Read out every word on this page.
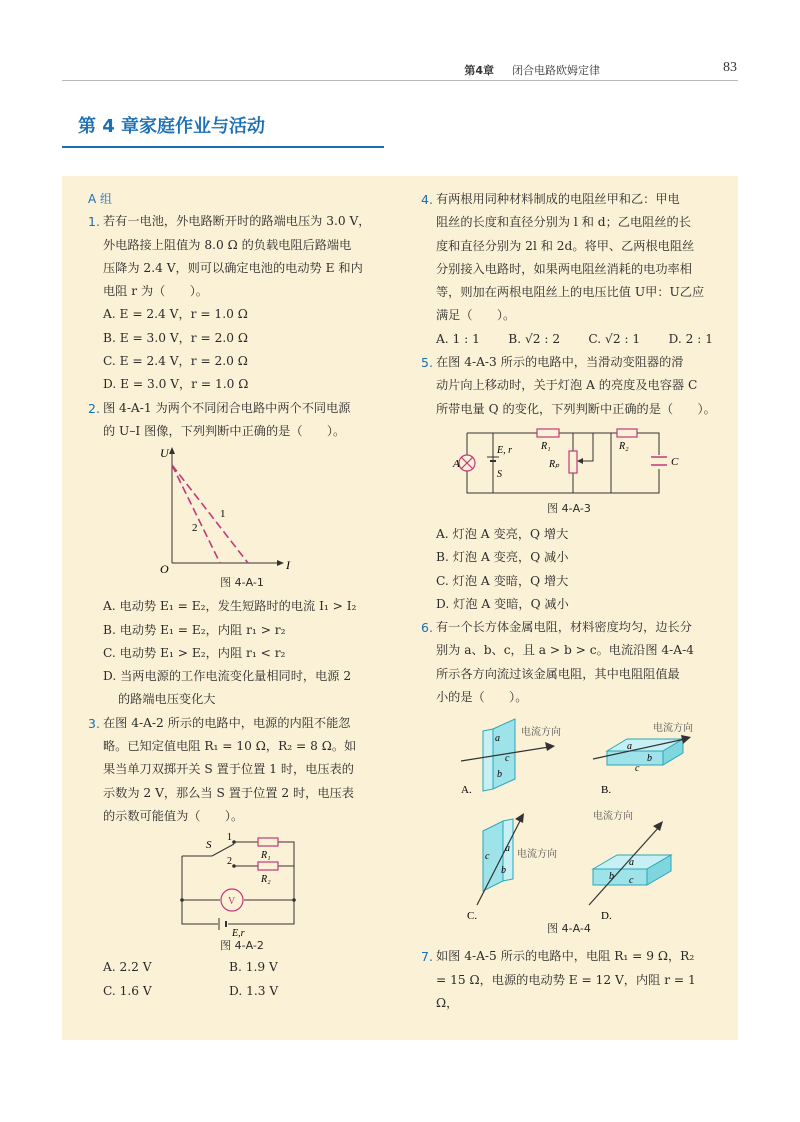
第4章 　 闭合电路欧姆定律	83
第 4 章家庭作业与活动
A 组
1. 若有一电池，外电路断开时的路端电压为 3.0 V，
外电路接上阻值为 8.0 Ω 的负载电阻后路端电
压降为 2.4 V，则可以确定电池的电动势 E 和内
电阻 r 为（　　）。
A. E = 2.4 V，r = 1.0 Ω
B. E = 3.0 V，r = 2.0 Ω
C. E = 2.4 V，r = 2.0 Ω
D. E = 3.0 V，r = 1.0 Ω
2. 图 4-A-1 为两个不同闭合电路中两个不同电源
的 U–I 图像，下列判断中正确的是（　　）。
U
I
O
1
2
图 4-A-1
A. 电动势 E₁ = E₂，发生短路时的电流 I₁ > I₂
B. 电动势 E₁ = E₂，内阻 r₁ > r₂
C. 电动势 E₁ > E₂，内阻 r₁ < r₂
D. 当两电源的工作电流变化量相同时，电源 2
的路端电压变化大
3. 在图 4-A-2 所示的电路中，电源的内阻不能忽
略。已知定值电阻 R₁ = 10 Ω，R₂ = 8 Ω。如
果当单刀双掷开关 S 置于位置 1 时，电压表的
示数为 2 V，那么当 S 置于位置 2 时，电压表
的示数可能值为（　　）。
S
1
2
R₁
R₂
V
E,r
图 4-A-2
A. 2.2 V	B. 1.9 V
C. 1.6 V	D. 1.3 V
4. 有两根用同种材料制成的电阻丝甲和乙：甲电
阻丝的长度和直径分别为 l 和 d；乙电阻丝的长
度和直径分别为 2l 和 2d。将甲、乙两根电阻丝
分别接入电路时，如果两电阻丝消耗的电功率相
等，则加在两根电阻丝上的电压比值 U甲：U乙应
满足（　　）。
A. 1 : 1 B. √2 : 2 C. √2 : 1 D. 2 : 1
5. 在图 4-A-3 所示的电路中，当滑动变阻器的滑
动片向上移动时，关于灯泡 A 的亮度及电容器 C
所带电量 Q 的变化，下列判断中正确的是（　　）。
A
E, r
S
R₁
Rₚ
R₂
C
图 4-A-3
A. 灯泡 A 变亮，Q 增大
B. 灯泡 A 变亮，Q 减小
C. 灯泡 A 变暗，Q 增大
D. 灯泡 A 变暗，Q 减小
6. 有一个长方体金属电阻，材料密度均匀，边长分
别为 a、b、c，且 a > b > c。电流沿图 4-A-4
所示各方向流过该金属电阻，其中电阻阻值最
小的是（　　）。
a
c
b
电流方向
A.
a
b
c
电流方向
B.
c
a
b
电流方向
C.
b
a
c
电流方向
D.
图 4-A-4
7. 如图 4-A-5 所示的电路中，电阻 R₁ = 9 Ω，R₂
= 15 Ω，电源的电动势 E = 12 V，内阻 r = 1 Ω，
